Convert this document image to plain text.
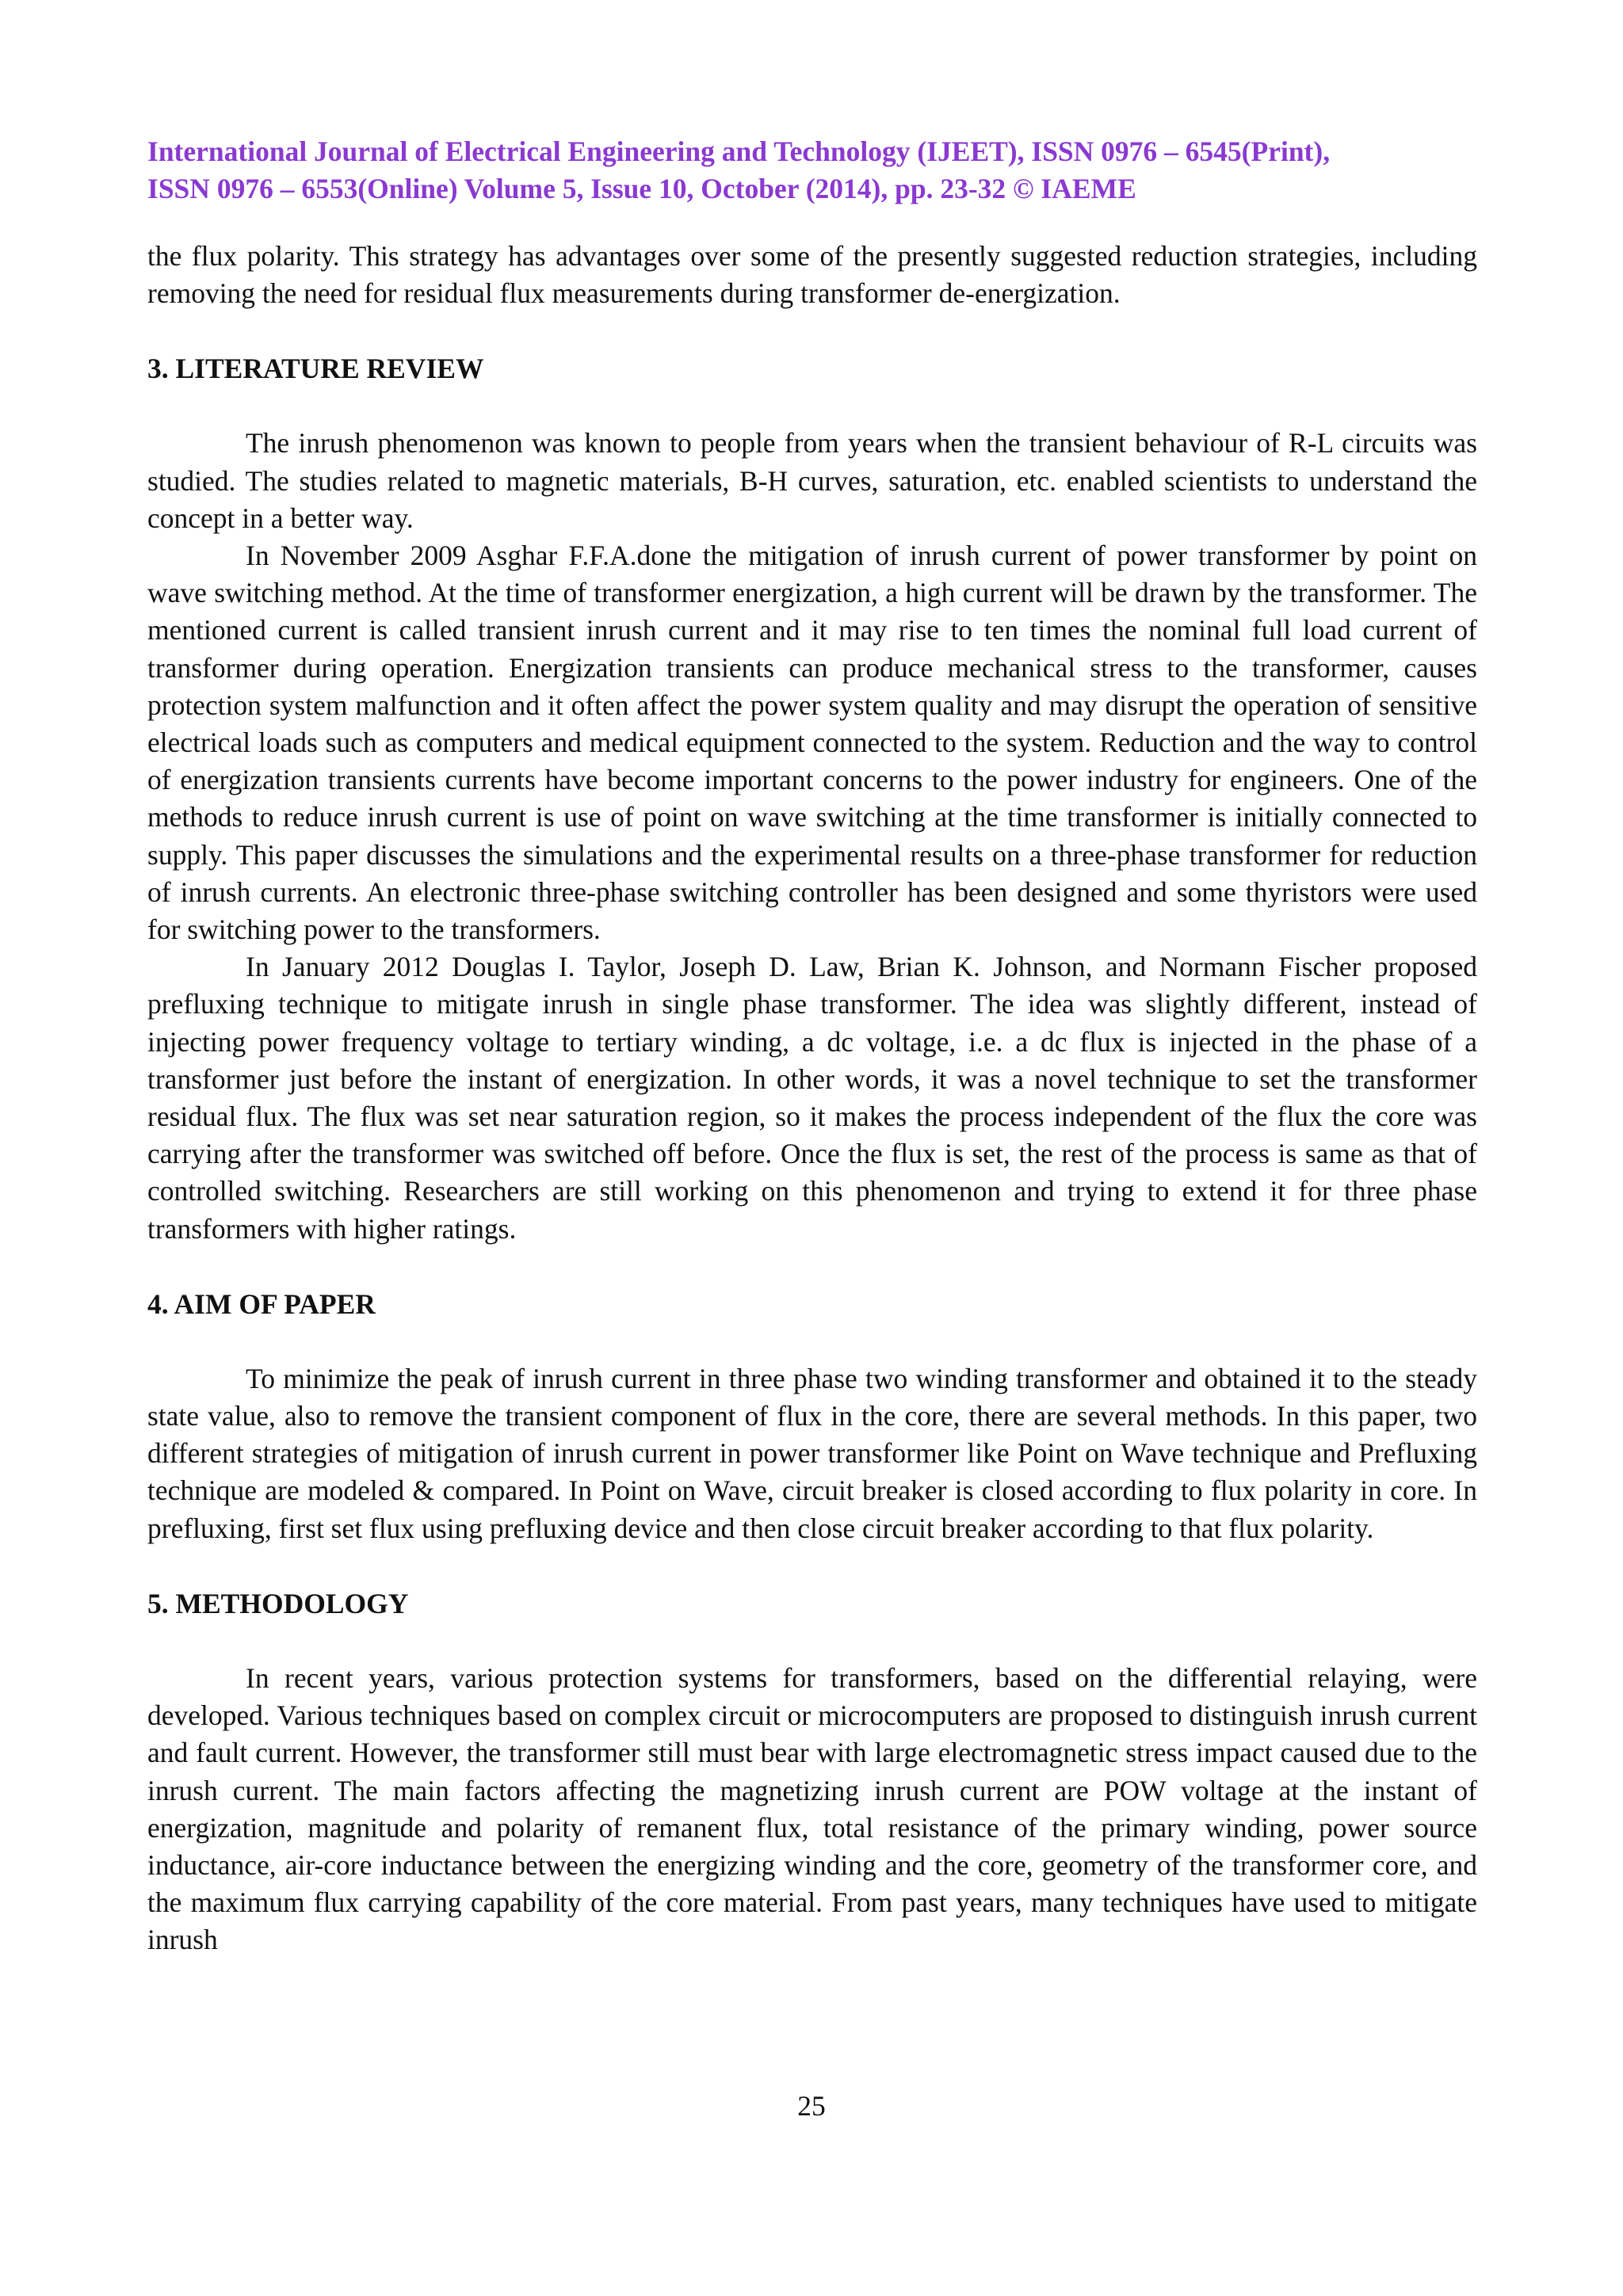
International Journal of Electrical Engineering and Technology (IJEET), ISSN 0976 – 6545(Print),
ISSN 0976 – 6553(Online) Volume 5, Issue 10, October (2014), pp. 23-32 © IAEME

the flux polarity. This strategy has advantages over some of the presently suggested reduction strategies, including removing the need for residual flux measurements during transformer de-energization.

3. LITERATURE REVIEW

The inrush phenomenon was known to people from years when the transient behaviour of R-L circuits was studied. The studies related to magnetic materials, B-H curves, saturation, etc. enabled scientists to understand the concept in a better way.

In November 2009 Asghar F.F.A.done the mitigation of inrush current of power transformer by point on wave switching method. At the time of transformer energization, a high current will be drawn by the transformer. The mentioned current is called transient inrush current and it may rise to ten times the nominal full load current of transformer during operation. Energization transients can produce mechanical stress to the transformer, causes protection system malfunction and it often affect the power system quality and may disrupt the operation of sensitive electrical loads such as computers and medical equipment connected to the system. Reduction and the way to control of energization transients currents have become important concerns to the power industry for engineers. One of the methods to reduce inrush current is use of point on wave switching at the time transformer is initially connected to supply. This paper discusses the simulations and the experimental results on a three-phase transformer for reduction of inrush currents. An electronic three-phase switching controller has been designed and some thyristors were used for switching power to the transformers.

In January 2012 Douglas I. Taylor, Joseph D. Law, Brian K. Johnson, and Normann Fischer proposed prefluxing technique to mitigate inrush in single phase transformer. The idea was slightly different, instead of injecting power frequency voltage to tertiary winding, a dc voltage, i.e. a dc flux is injected in the phase of a transformer just before the instant of energization. In other words, it was a novel technique to set the transformer residual flux. The flux was set near saturation region, so it makes the process independent of the flux the core was carrying after the transformer was switched off before. Once the flux is set, the rest of the process is same as that of controlled switching. Researchers are still working on this phenomenon and trying to extend it for three phase transformers with higher ratings.

4. AIM OF PAPER

To minimize the peak of inrush current in three phase two winding transformer and obtained it to the steady state value, also to remove the transient component of flux in the core, there are several methods. In this paper, two different strategies of mitigation of inrush current in power transformer like Point on Wave technique and Prefluxing technique are modeled & compared. In Point on Wave, circuit breaker is closed according to flux polarity in core. In prefluxing, first set flux using prefluxing device and then close circuit breaker according to that flux polarity.

5. METHODOLOGY

In recent years, various protection systems for transformers, based on the differential relaying, were developed. Various techniques based on complex circuit or microcomputers are proposed to distinguish inrush current and fault current. However, the transformer still must bear with large electromagnetic stress impact caused due to the inrush current. The main factors affecting the magnetizing inrush current are POW voltage at the instant of energization, magnitude and polarity of remanent flux, total resistance of the primary winding, power source inductance, air-core inductance between the energizing winding and the core, geometry of the transformer core, and the maximum flux carrying capability of the core material. From past years, many techniques have used to mitigate inrush

25
